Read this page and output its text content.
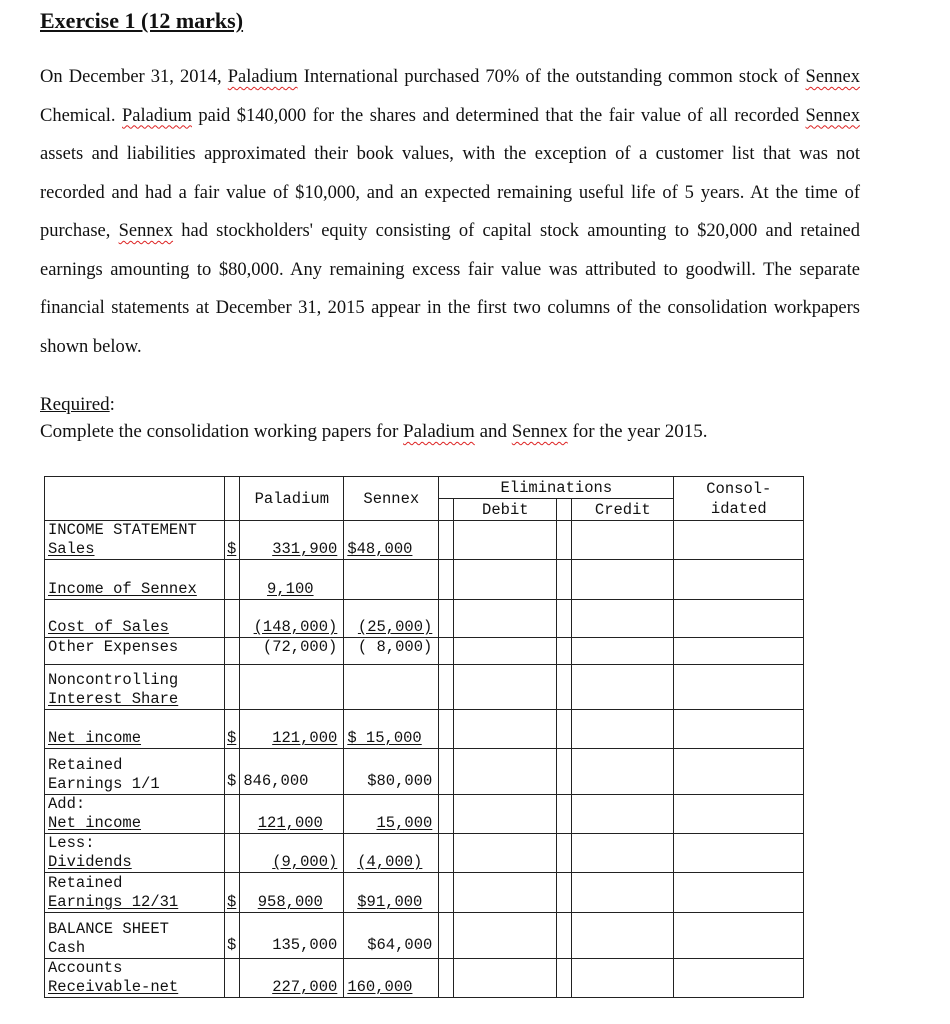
Exercise 1 (12 marks)
On December 31, 2014, Paladium International purchased 70% of the outstanding common stock of Sennex Chemical. Paladium paid $140,000 for the shares and determined that the fair value of all recorded Sennex assets and liabilities approximated their book values, with the exception of a customer list that was not recorded and had a fair value of $10,000, and an expected remaining useful life of 5 years. At the time of purchase, Sennex had stockholders' equity consisting of capital stock amounting to $20,000 and retained earnings amounting to $80,000. Any remaining excess fair value was attributed to goodwill. The separate financial statements at December 31, 2015 appear in the first two columns of the consolidation workpapers shown below.
Required:
Complete the consolidation working papers for Paladium and Sennex for the year 2015.
		Paladium	Sennex	Eliminations				Consol-
idated
					Debit		Credit	
INCOME STATEMENT
Sales	$	331,900	$48,000					
Income of Sennex		9,100						
Cost of Sales		(148,000)	(25,000)					
Other Expenses		(72,000)	( 8,000)					
Noncontrolling
Interest Share								
Net income	$	121,000	$ 15,000					
Retained
Earnings 1/1	$	846,000	$80,000					
Add:
Net income		121,000	15,000					
Less:
Dividends		(9,000)	(4,000)					
Retained
Earnings 12/31	$	958,000	$91,000					
BALANCE SHEET
Cash	$	135,000	$64,000					
Accounts
Receivable-net		227,000	160,000					
